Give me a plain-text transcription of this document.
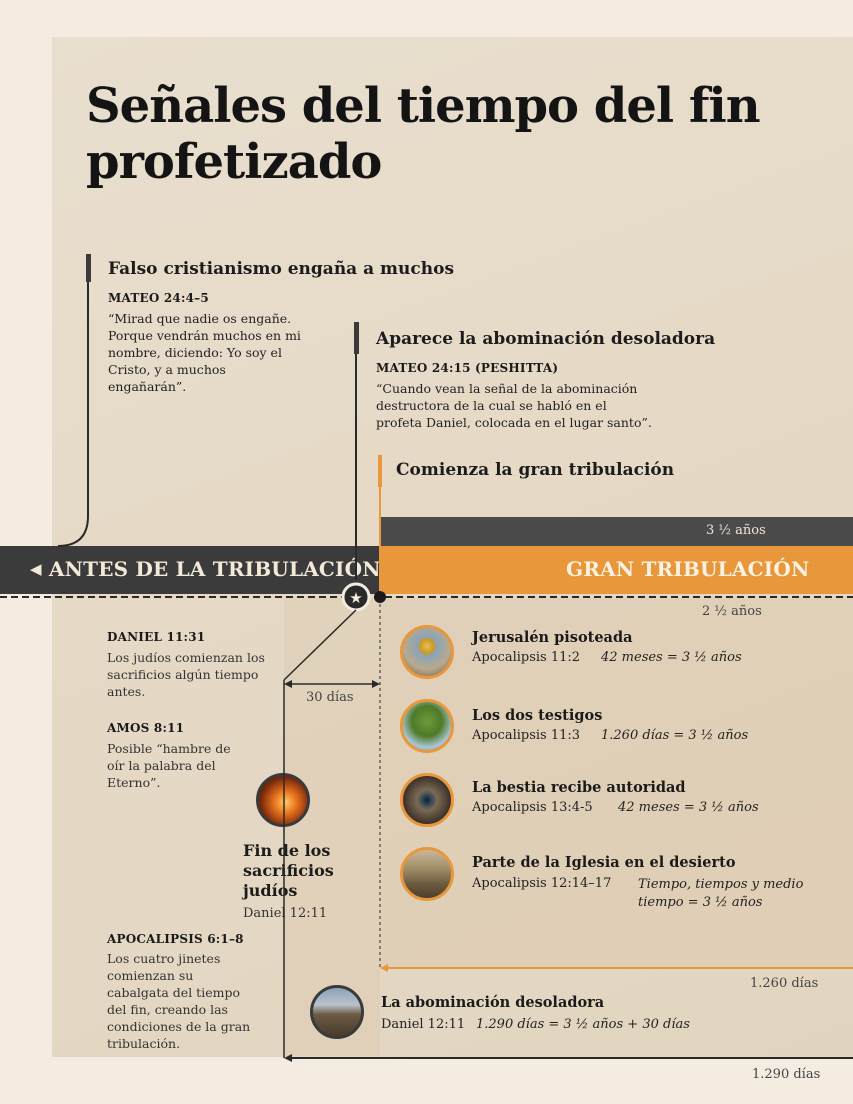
Señales del tiempo del fin profetizado
Falso cristianismo engaña a muchos
MATEO 24:4–5
“Mirad que nadie os engañe. Porque vendrán muchos en mi nombre, diciendo: Yo soy el Cristo, y a muchos engañarán”.
Aparece la abominación desoladora
MATEO 24:15 (PESHITTA)
“Cuando vean la señal de la abominación destructora de la cual se habló en el profeta Daniel, colocada en el lugar santo”.
Comienza la gran tribulación
3 ½ años
◀ ANTES DE LA TRIBULACIÓN	GRAN TRIBULACIÓN
2 ½ años
DANIEL 11:31
Los judíos comienzan los sacrificios algún tiempo antes.
AMOS 8:11
Posible “hambre de oír la palabra del Eterno”.
Fin de los sacrificios judíos
Daniel 12:11
APOCALIPSIS 6:1–8
Los cuatro jinetes comienzan su cabalgata del tiempo del fin, creando las condiciones de la gran tribulación.
Jerusalén pisoteada
Apocalipsis 11:2 42 meses = 3 ½ años
Los dos testigos
Apocalipsis 11:3 1.260 días = 3 ½ años
La bestia recibe autoridad
Apocalipsis 13:4-5 42 meses = 3 ½ años
Parte de la Iglesia en el desierto
Apocalipsis 12:14–17 Tiempo, tiempos y medio tiempo = 3 ½ años
La abominación desoladora
Daniel 12:11 1.290 días = 3 ½ años + 30 días
1.260 días
1.290 días
30 días
★
